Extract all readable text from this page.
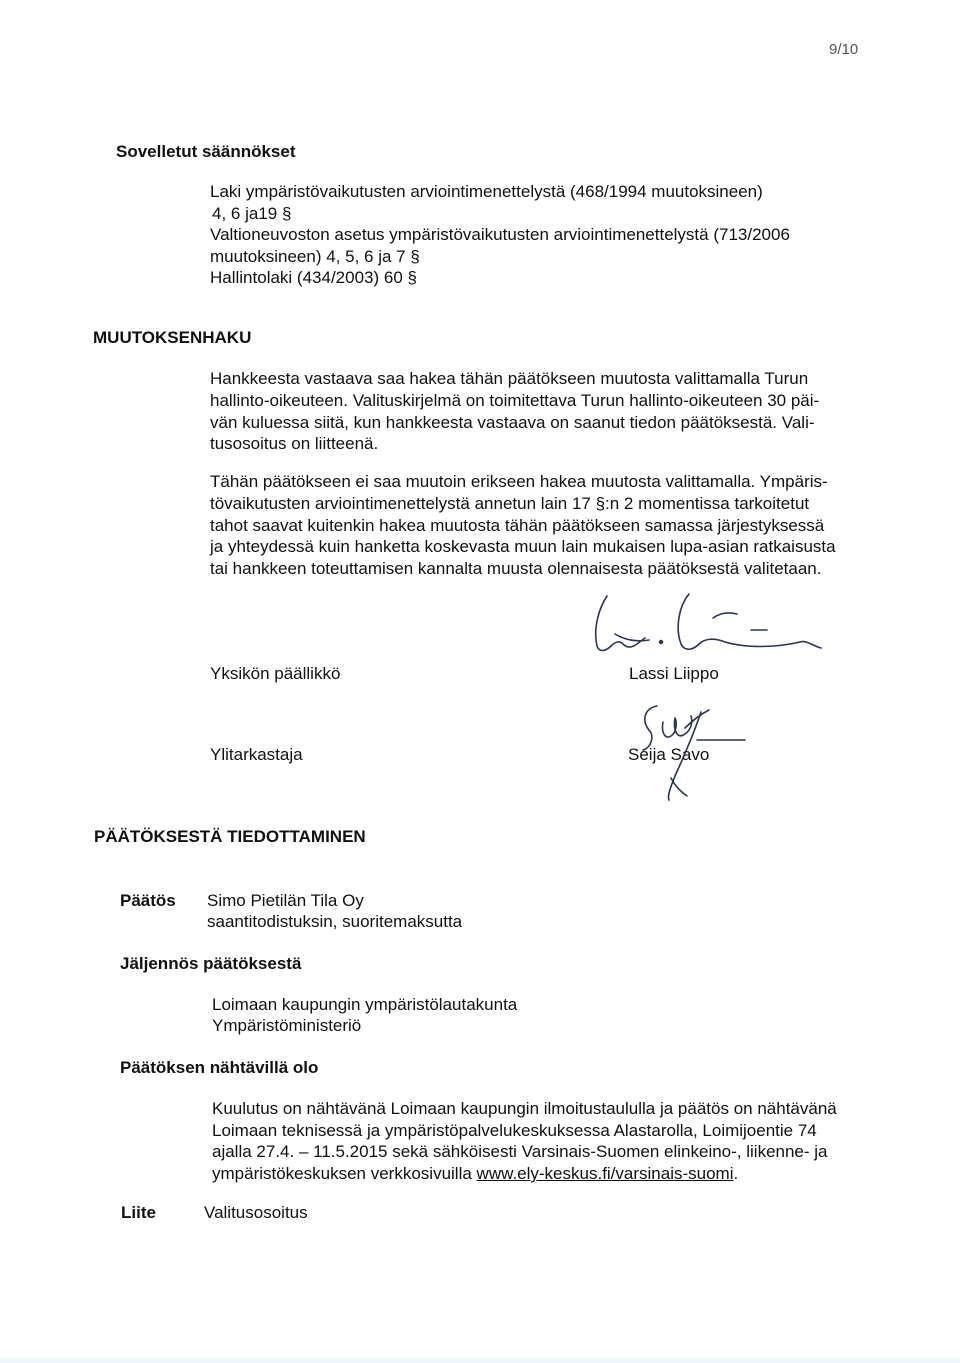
9/10
Sovelletut säännökset
Laki ympäristövaikutusten arviointimenettelystä (468/1994 muutoksineen)
4, 6 ja19 §
Valtioneuvoston asetus ympäristövaikutusten arviointimenettelystä (713/2006
muutoksineen) 4, 5, 6 ja 7 §
Hallintolaki (434/2003) 60 §
MUUTOKSENHAKU
Hankkeesta vastaava saa hakea tähän päätökseen muutosta valittamalla Turun
hallinto-oikeuteen. Valituskirjelmä on toimitettava Turun hallinto-oikeuteen 30 päi-
vän kuluessa siitä, kun hankkeesta vastaava on saanut tiedon päätöksestä. Vali-
tusosoitus on liitteenä.
Tähän päätökseen ei saa muutoin erikseen hakea muutosta valittamalla. Ympäris-
tövaikutusten arviointimenettelystä annetun lain 17 §:n 2 momentissa tarkoitetut
tahot saavat kuitenkin hakea muutosta tähän päätökseen samassa järjestyksessä
ja yhteydessä kuin hanketta koskevasta muun lain mukaisen lupa-asian ratkaisusta
tai hankkeen toteuttamisen kannalta muusta olennaisesta päätöksestä valitetaan.
Yksikön päällikkö	Lassi Liippo
Ylitarkastaja	Seija Savo
PÄÄTÖKSESTÄ TIEDOTTAMINEN
Päätös Simo Pietilän Tila Oy
saantitodistuksin, suoritemaksutta
Jäljennös päätöksestä
Loimaan kaupungin ympäristölautakunta
Ympäristöministeriö
Päätöksen nähtävillä olo
Kuulutus on nähtävänä Loimaan kaupungin ilmoitustaululla ja päätös on nähtävänä
Loimaan teknisessä ja ympäristöpalvelukeskuksessa Alastarolla, Loimijoentie 74
ajalla 27.4. – 11.5.2015 sekä sähköisesti Varsinais-Suomen elinkeino-, liikenne- ja
ympäristökeskuksen verkkosivuilla www.ely-keskus.fi/varsinais-suomi.
Liite	Valitusosoitus
